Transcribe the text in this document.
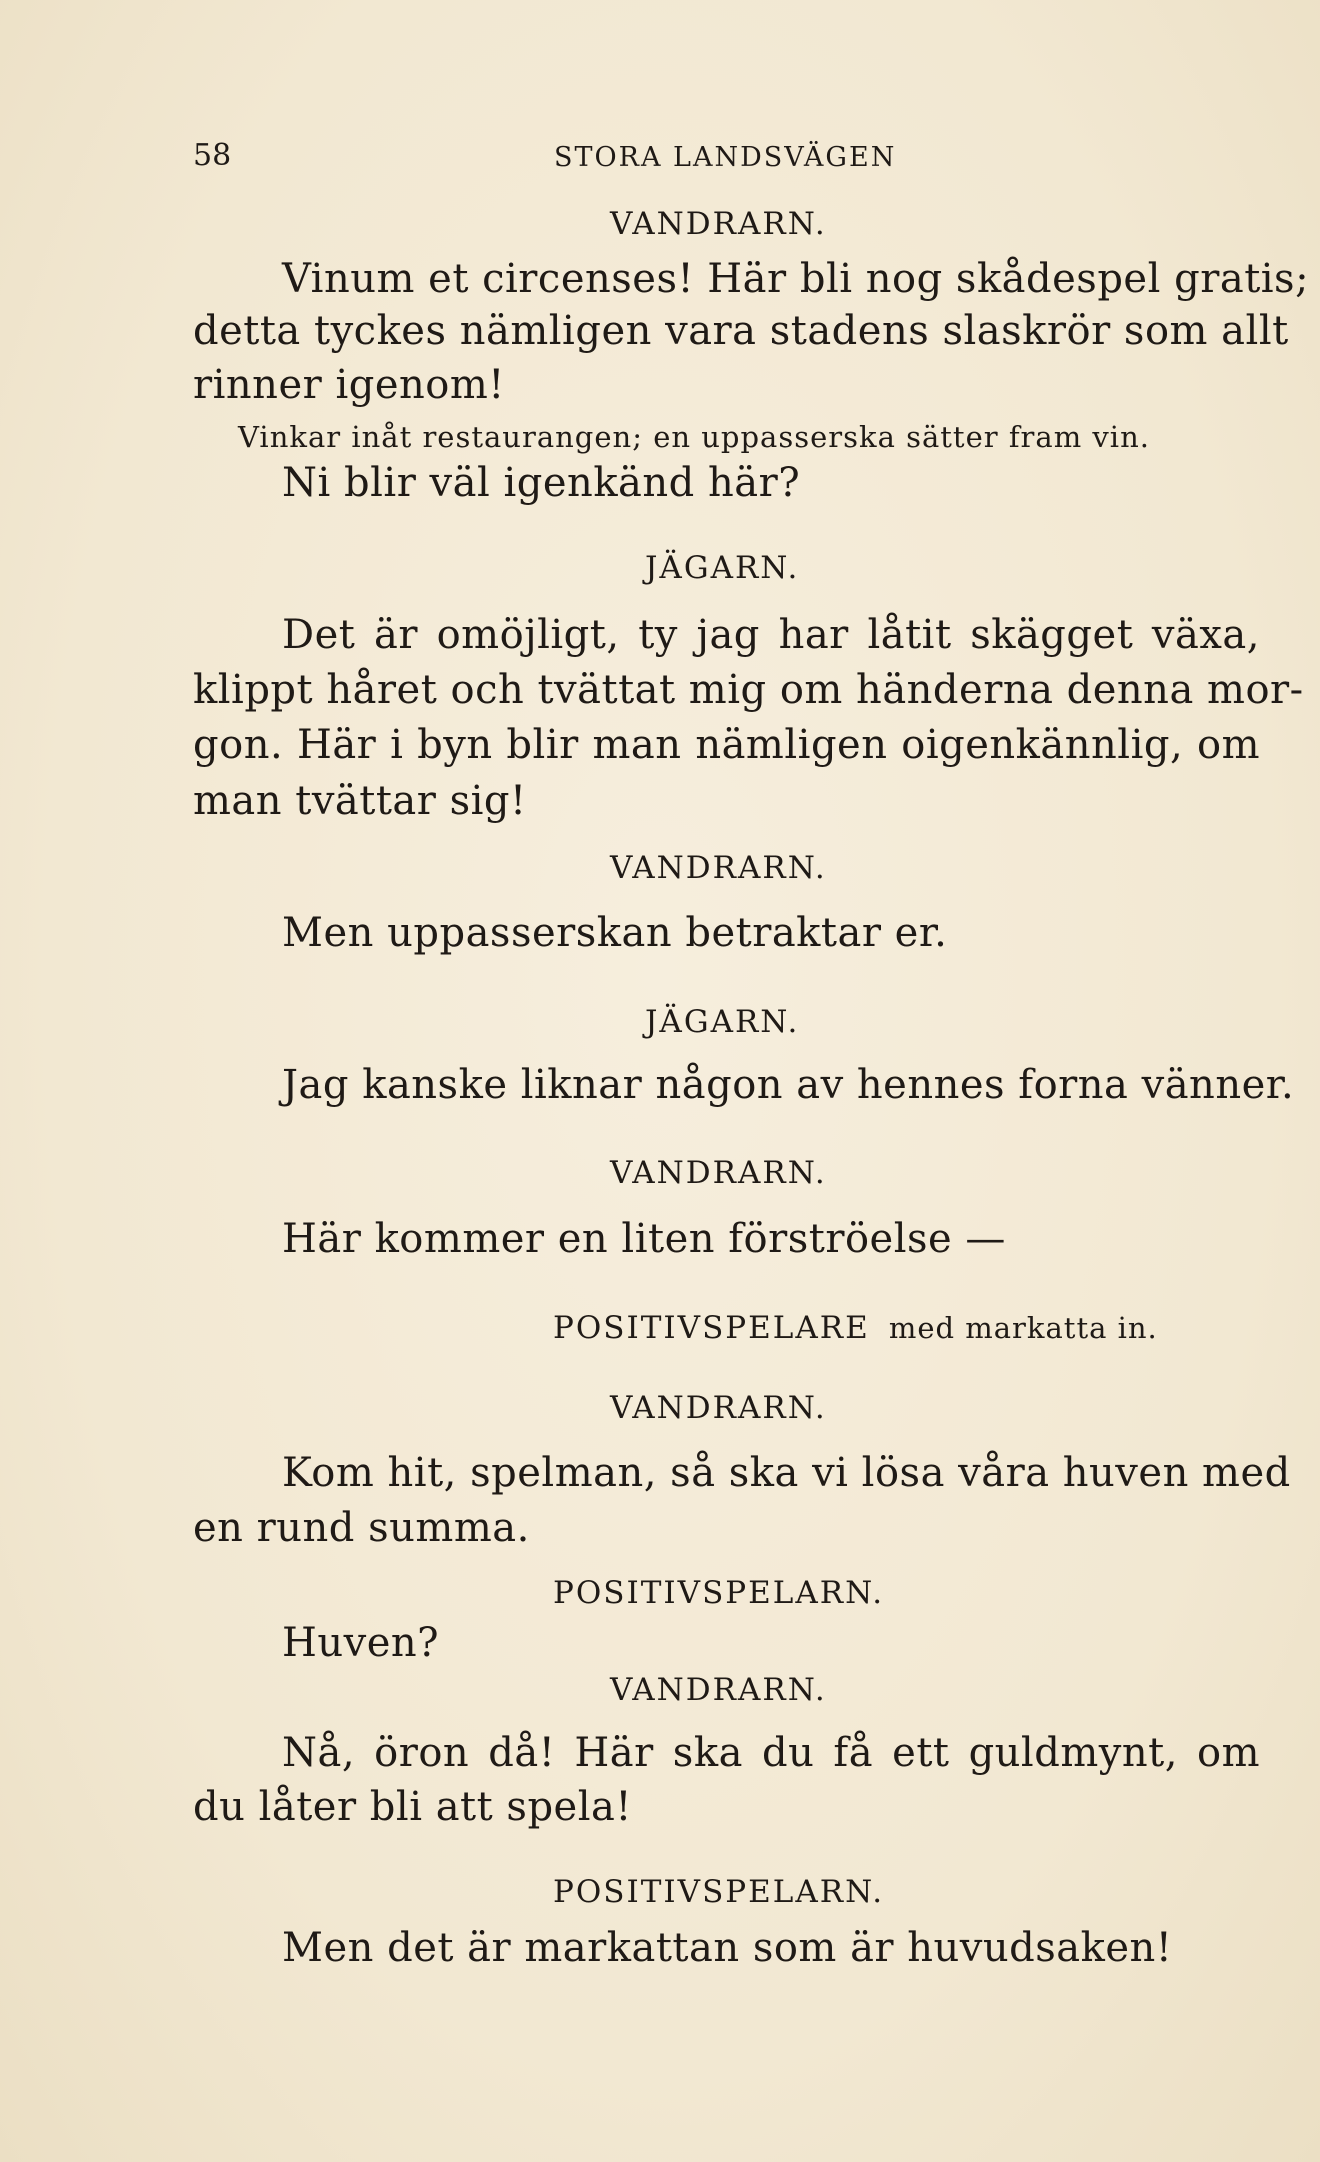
58	STORA LANDSVÄGEN
VANDRARN.
Vinum et circenses! Här bli nog skådespel gratis;
detta tyckes nämligen vara stadens slaskrör som allt
rinner igenom!
Vinkar inåt restaurangen; en uppasserska sätter fram vin.
Ni blir väl igenkänd här?
JÄGARN.
Det är omöjligt, ty jag har låtit skägget växa,
klippt håret och tvättat mig om händerna denna mor-
gon. Här i byn blir man nämligen oigenkännlig, om
man tvättar sig!
VANDRARN.
Men uppasserskan betraktar er.
JÄGARN.
Jag kanske liknar någon av hennes forna vänner.
VANDRARN.
Här kommer en liten förströelse —
POSITIVSPELARE med markatta in.
VANDRARN.
Kom hit, spelman, så ska vi lösa våra huven med
en rund summa.
POSITIVSPELARN.
Huven?
VANDRARN.
Nå, öron då! Här ska du få ett guldmynt, om
du låter bli att spela!
POSITIVSPELARN.
Men det är markattan som är huvudsaken!
